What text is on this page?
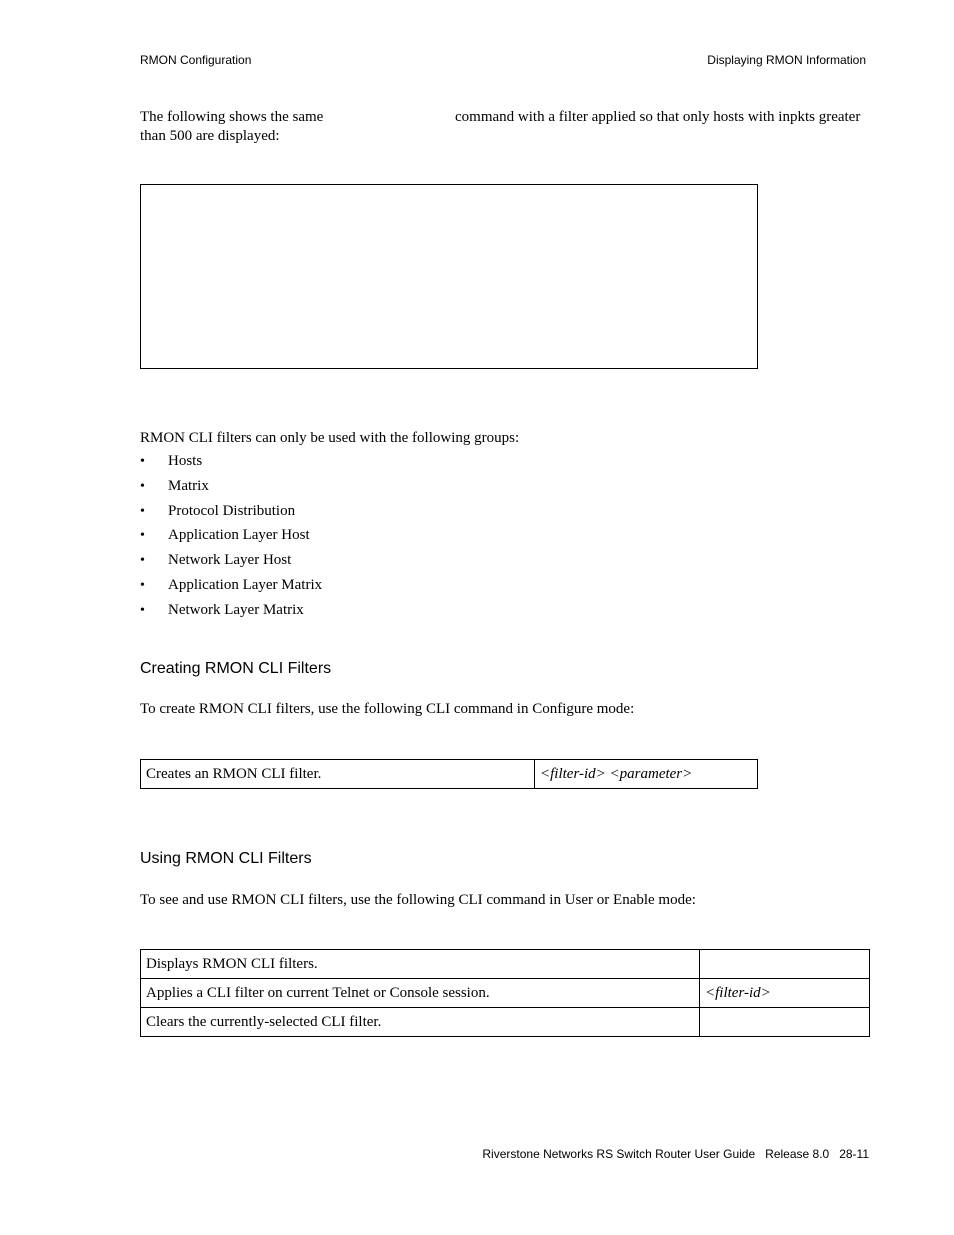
RMON Configuration	Displaying RMON Information
The following shows the same	command with a filter applied so that only hosts with inpkts greater
than 500 are displayed:
RMON CLI filters can only be used with the following groups:
• Hosts
• Matrix
• Protocol Distribution
• Application Layer Host
• Network Layer Host
• Application Layer Matrix
• Network Layer Matrix
Creating RMON CLI Filters
To create RMON CLI filters, use the following CLI command in Configure mode:
Creates an RMON CLI filter.	<filter-id> <parameter>
Using RMON CLI Filters
To see and use RMON CLI filters, use the following CLI command in User or Enable mode:
Displays RMON CLI filters.	
Applies a CLI filter on current Telnet or Console session.	<filter-id>
Clears the currently-selected CLI filter.	
Riverstone Networks RS Switch Router User Guide   Release 8.0   28-11
